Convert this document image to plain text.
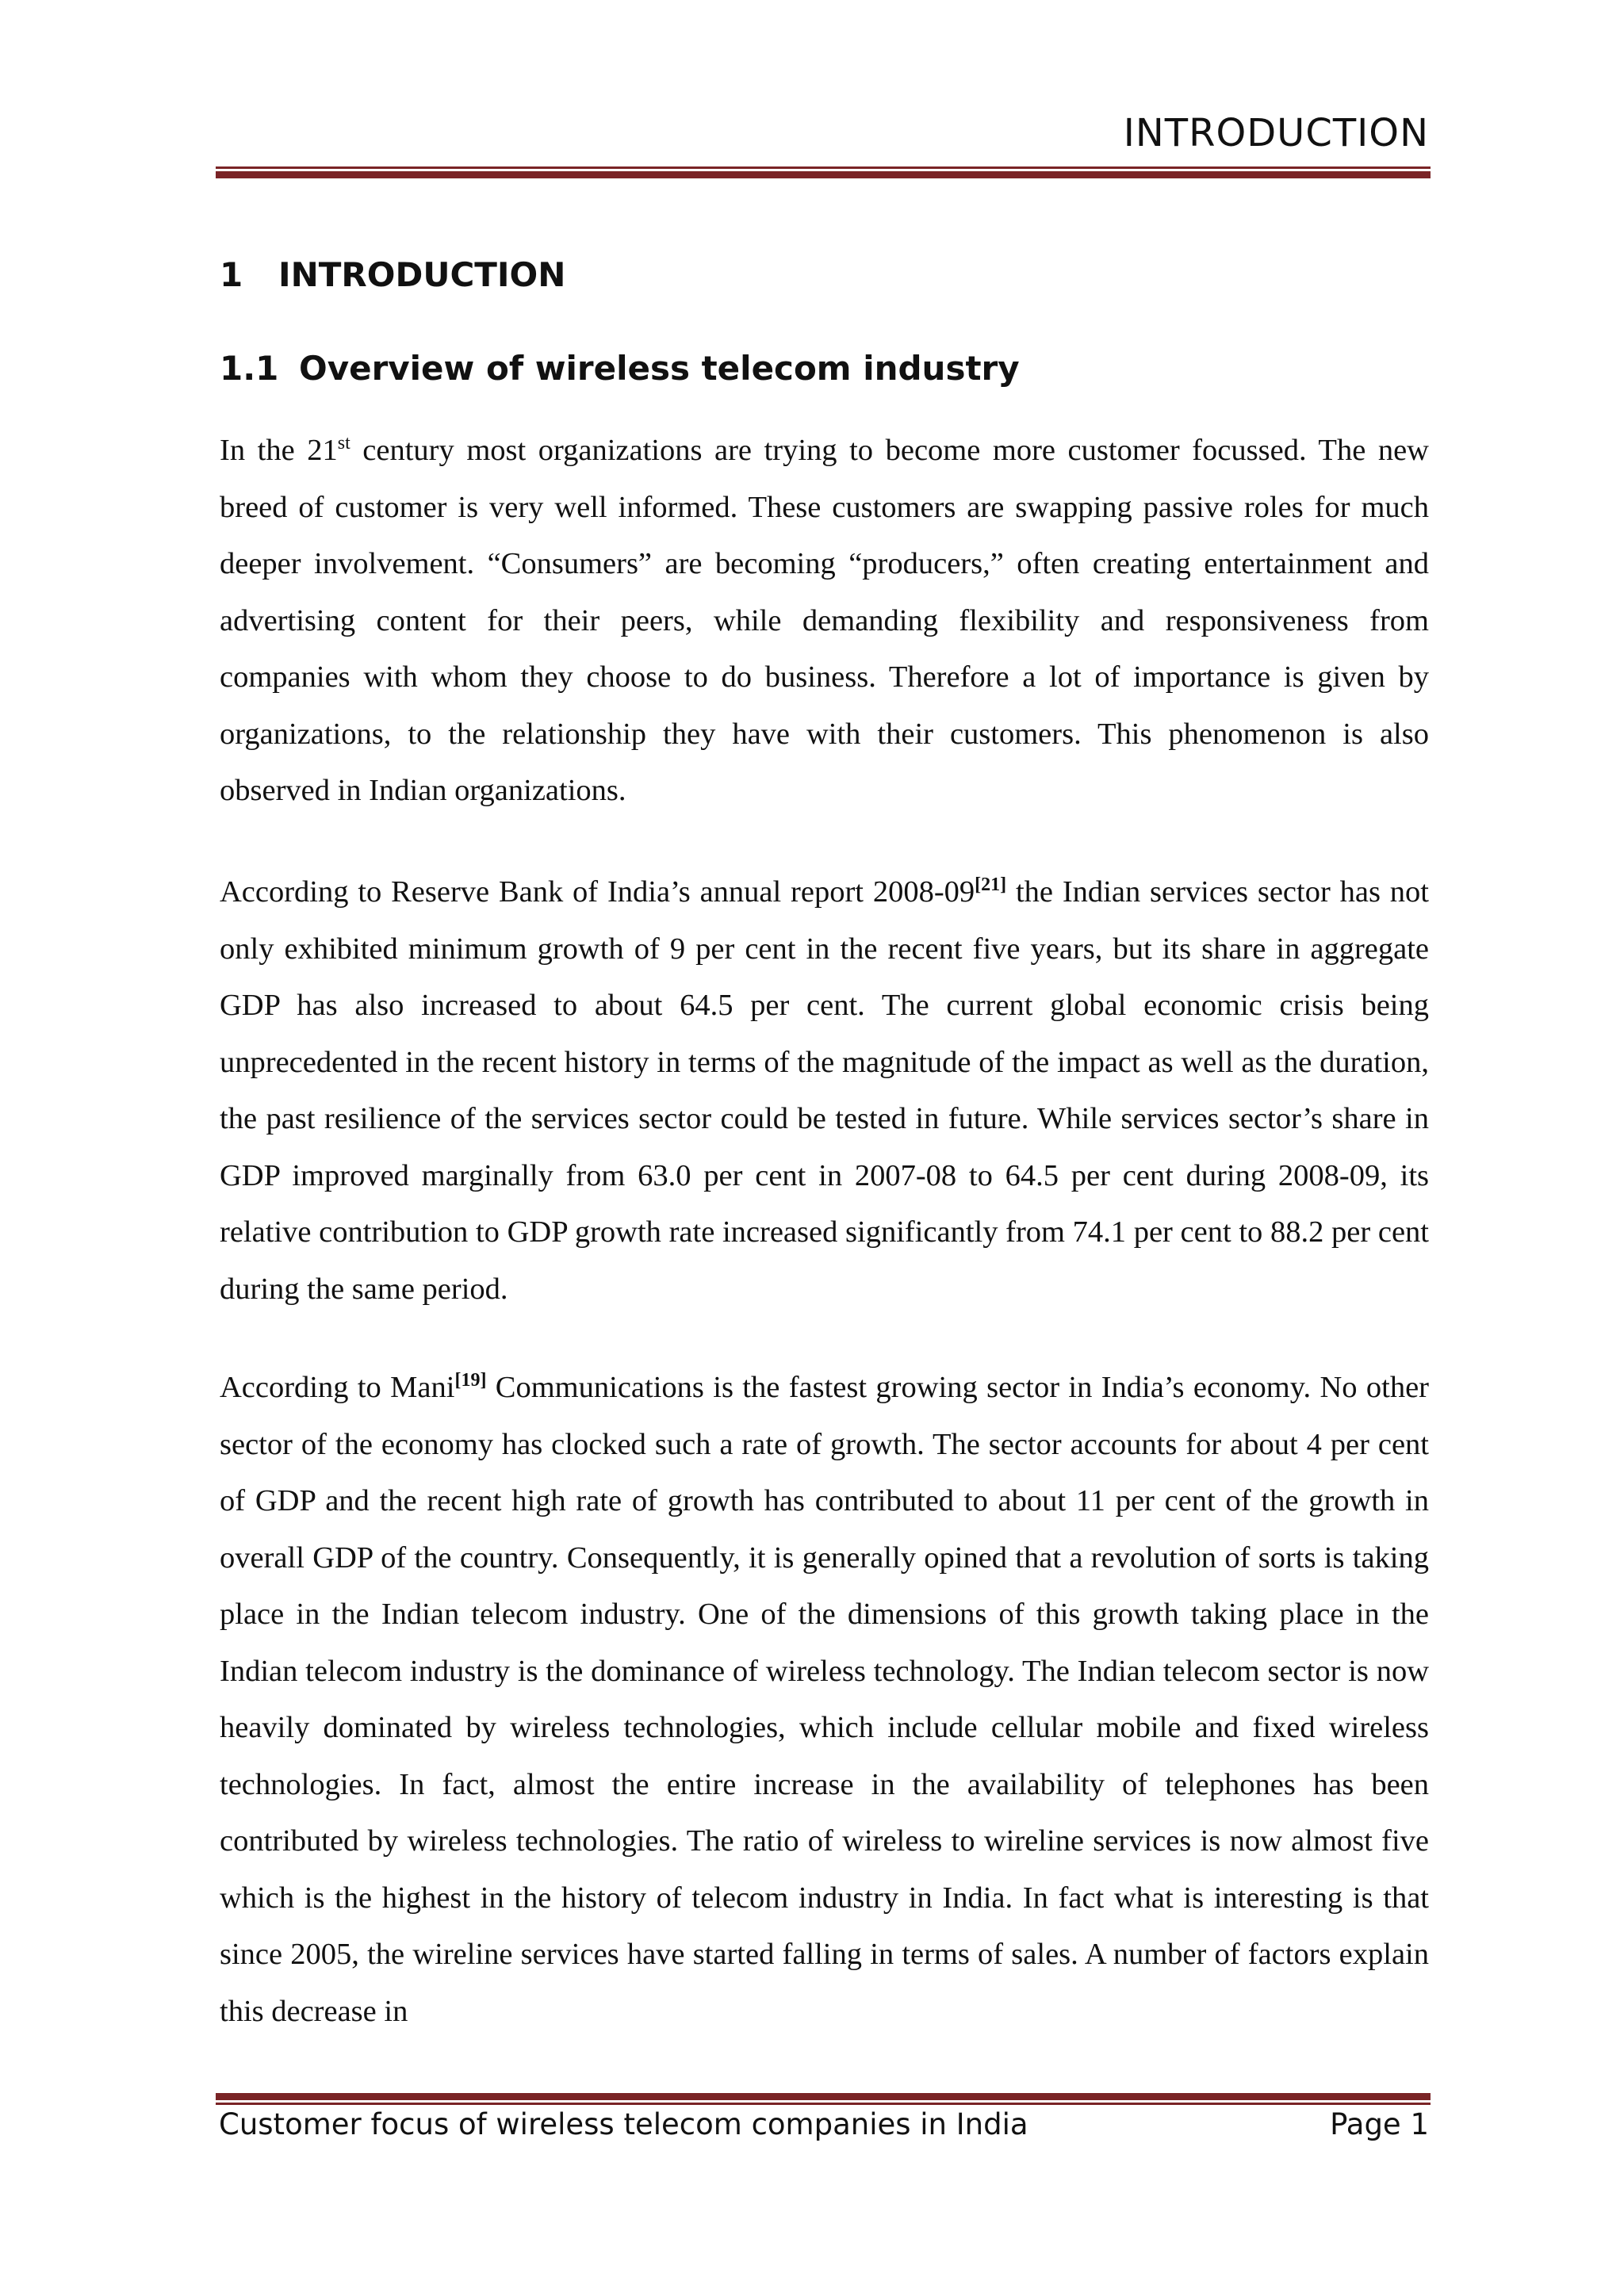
INTRODUCTION
1 INTRODUCTION
1.1 Overview of wireless telecom industry
In the 21st century most organizations are trying to become more customer focussed. The new breed of customer is very well informed. These customers are swapping passive roles for much deeper involvement. “Consumers” are becoming “producers,” often creating entertainment and advertising content for their peers, while demanding flexibility and responsiveness from companies with whom they choose to do business. Therefore a lot of importance is given by organizations, to the relationship they have with their customers. This phenomenon is also observed in Indian organizations.
According to Reserve Bank of India’s annual report 2008-09[21] the Indian services sector has not only exhibited minimum growth of 9 per cent in the recent five years, but its share in aggregate GDP has also increased to about 64.5 per cent. The current global economic crisis being unprecedented in the recent history in terms of the magnitude of the impact as well as the duration, the past resilience of the services sector could be tested in future. While services sector’s share in GDP improved marginally from 63.0 per cent in 2007-08 to 64.5 per cent during 2008-09, its relative contribution to GDP growth rate increased significantly from 74.1 per cent to 88.2 per cent during the same period.
According to Mani[19] Communications is the fastest growing sector in India’s economy. No other sector of the economy has clocked such a rate of growth. The sector accounts for about 4 per cent of GDP and the recent high rate of growth has contributed to about 11 per cent of the growth in overall GDP of the country. Consequently, it is generally opined that a revolution of sorts is taking place in the Indian telecom industry. One of the dimensions of this growth taking place in the Indian telecom industry is the dominance of wireless technology. The Indian telecom sector is now heavily dominated by wireless technologies, which include cellular mobile and fixed wireless technologies. In fact, almost the entire increase in the availability of telephones has been contributed by wireless technologies. The ratio of wireless to wireline services is now almost five which is the highest in the history of telecom industry in India. In fact what is interesting is that since 2005, the wireline services have started falling in terms of sales. A number of factors explain this decrease in
Customer focus of wireless telecom companies in India	Page 1
